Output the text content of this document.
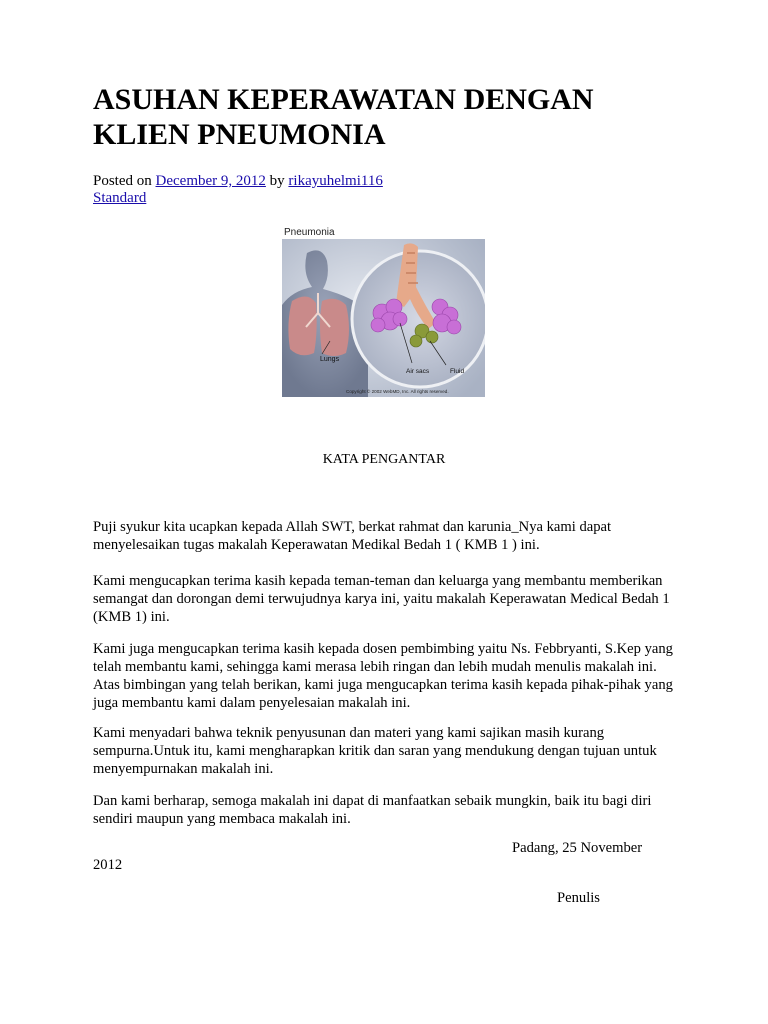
ASUHAN KEPERAWATAN DENGAN KLIEN PNEUMONIA
Posted on December 9, 2012 by rikayuhelmi116
Standard
Pneumonia
Lungs
Air sacs	Fluid
Copyright © 2002 WebMD, Inc. All rights reserved.
KATA PENGANTAR

Puji syukur kita ucapkan kepada Allah SWT, berkat rahmat dan karunia_Nya kami dapat menyelesaikan tugas makalah Keperawatan Medikal Bedah 1 ( KMB 1 ) ini.

Kami mengucapkan terima kasih kepada teman-teman dan keluarga yang membantu memberikan semangat dan dorongan demi terwujudnya karya ini, yaitu makalah Keperawatan Medical Bedah 1 (KMB 1) ini.

Kami juga mengucapkan terima kasih kepada dosen pembimbing yaitu Ns. Febbryanti, S.Kep yang telah membantu kami, sehingga kami merasa lebih ringan dan lebih mudah menulis makalah ini. Atas bimbingan yang telah berikan, kami juga mengucapkan terima kasih kepada pihak-pihak yang juga membantu kami dalam penyelesaian makalah ini.

Kami menyadari bahwa teknik penyusunan dan materi yang kami sajikan masih kurang sempurna.Untuk itu, kami mengharapkan kritik dan saran yang mendukung dengan tujuan untuk menyempurnakan makalah ini.

Dan kami berharap, semoga makalah ini dapat di manfaatkan sebaik mungkin, baik itu bagi diri sendiri maupun yang membaca makalah ini.

Padang, 25 November
2012
Penulis
